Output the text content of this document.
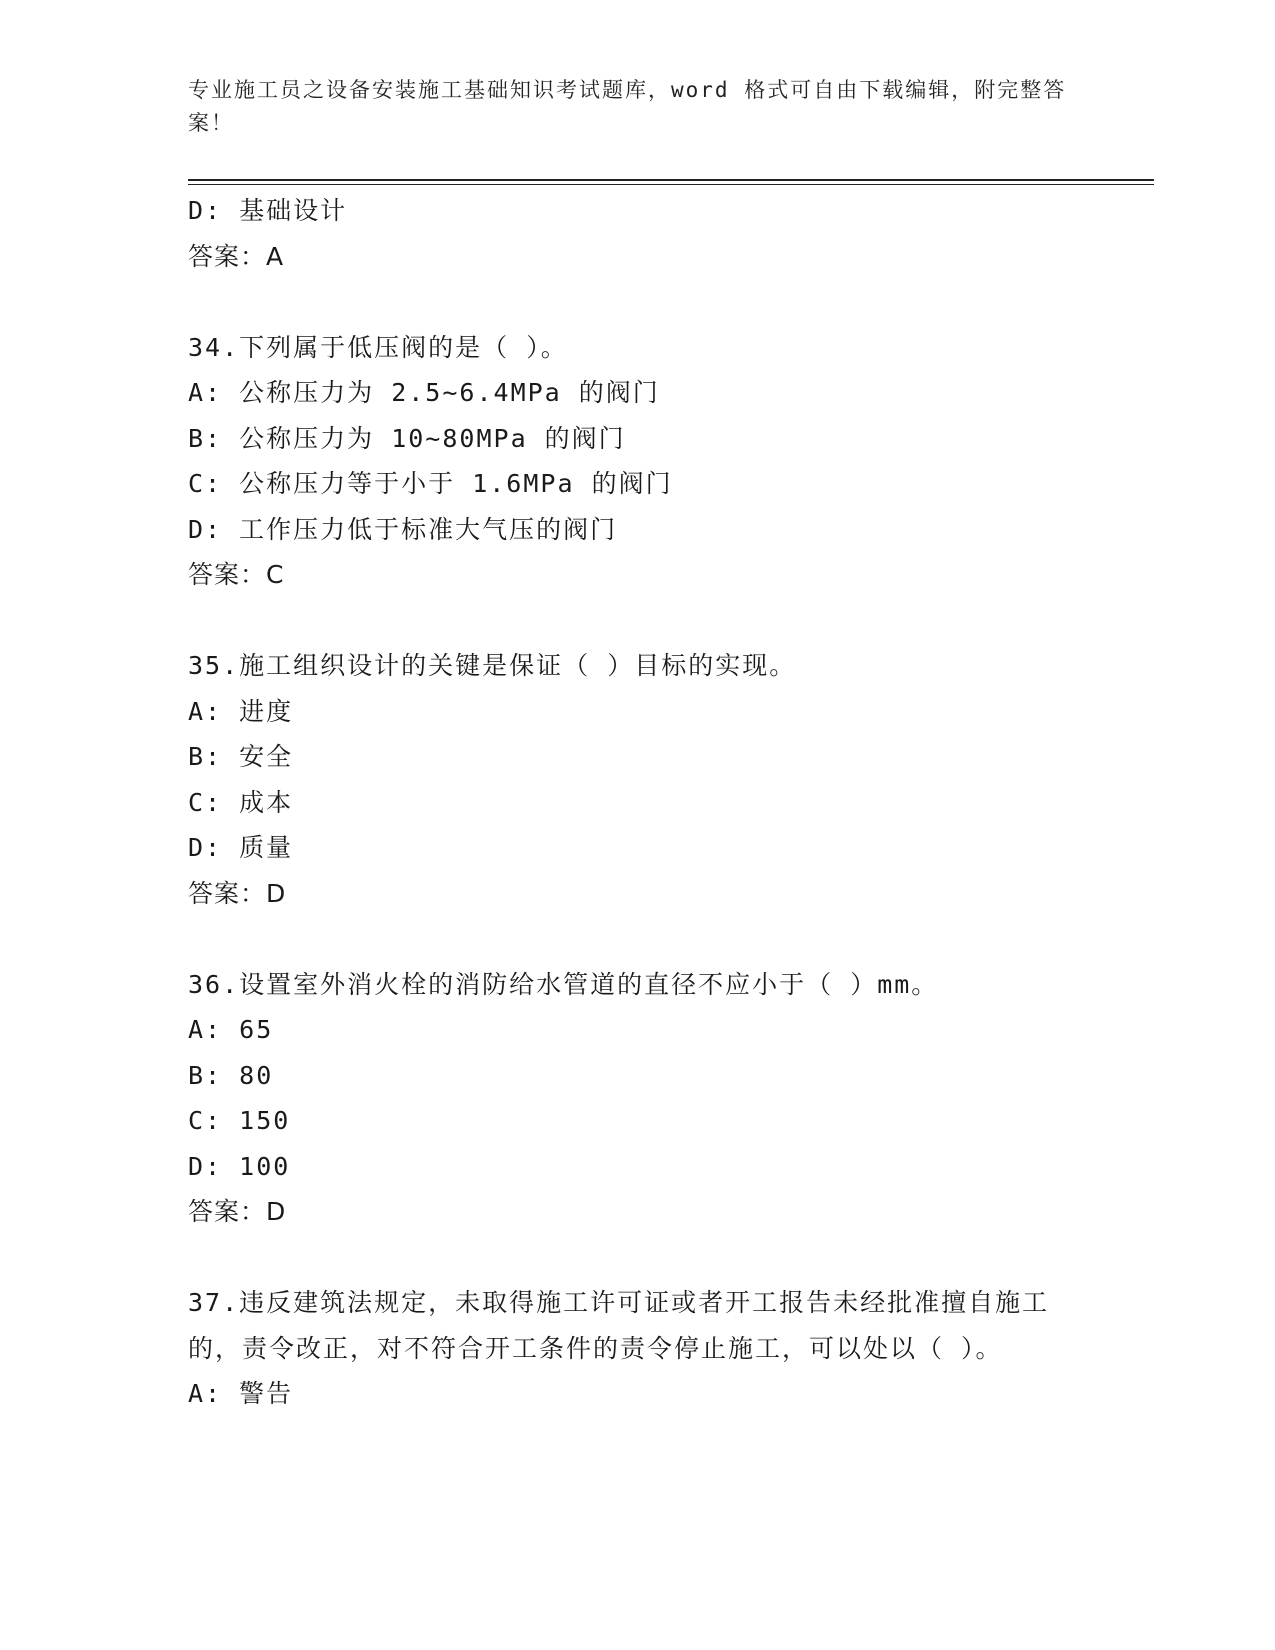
专业施工员之设备安装施工基础知识考试题库，word 格式可自由下载编辑，附完整答案！
D: 基础设计
答案：A
34.下列属于低压阀的是（ ）。
A: 公称压力为 2.5~6.4MPa 的阀门
B: 公称压力为 10~80MPa 的阀门
C: 公称压力等于小于 1.6MPa 的阀门
D: 工作压力低于标准大气压的阀门
答案：C
35.施工组织设计的关键是保证（ ）目标的实现。
A: 进度
B: 安全
C: 成本
D: 质量
答案：D
36.设置室外消火栓的消防给水管道的直径不应小于（ ）mm。
A: 65
B: 80
C: 150
D: 100
答案：D
37.违反建筑法规定，未取得施工许可证或者开工报告未经批准擅自施工的，责令改正，对不符合开工条件的责令停止施工，可以处以（ ）。
A: 警告
